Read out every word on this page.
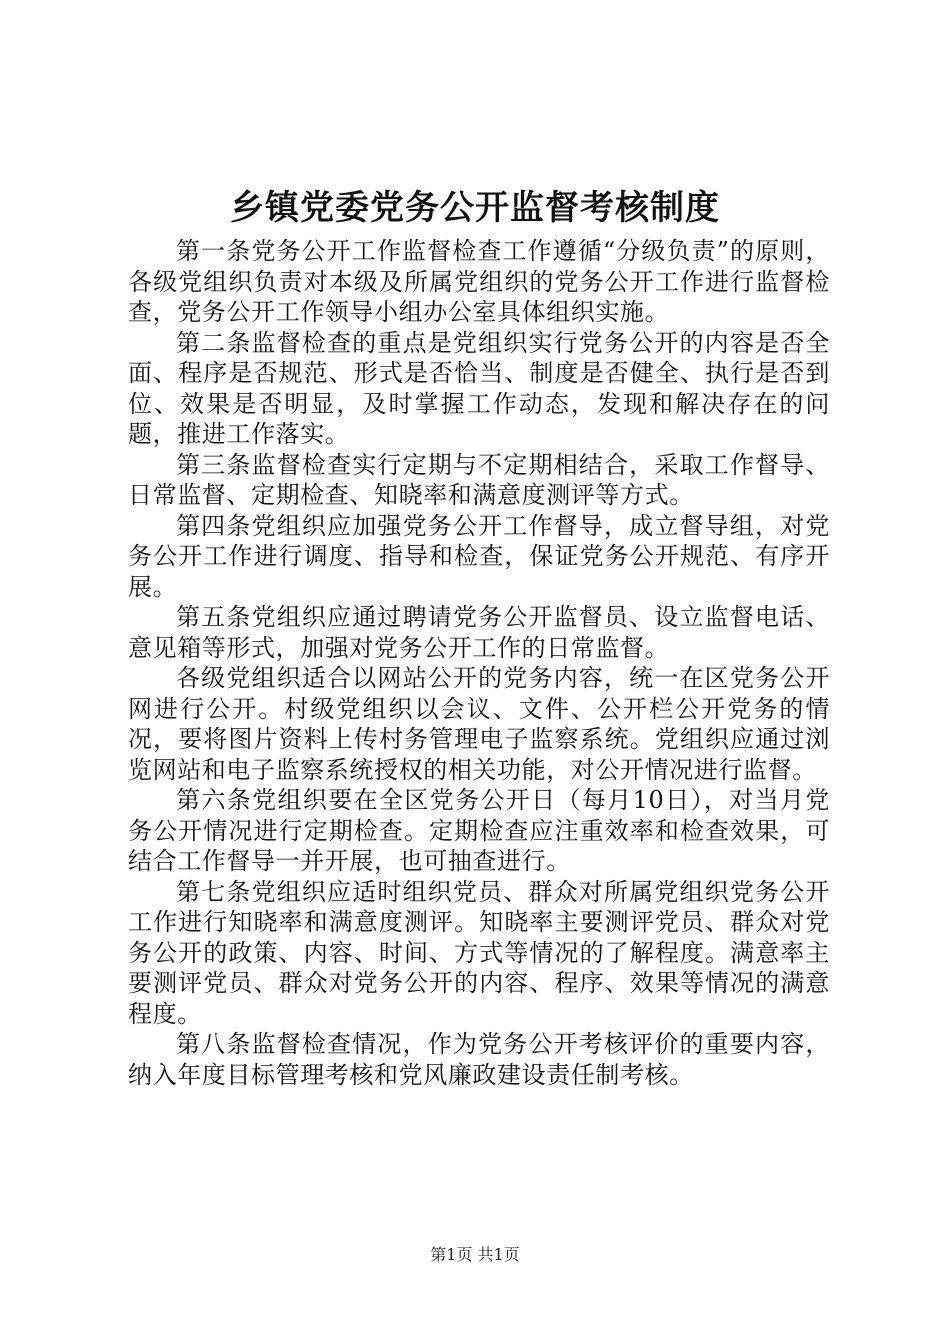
乡镇党委党务公开监督考核制度

第一条党务公开工作监督检查工作遵循“分级负责”的原则，各级党组织负责对本级及所属党组织的党务公开工作进行监督检查，党务公开工作领导小组办公室具体组织实施。

第二条监督检查的重点是党组织实行党务公开的内容是否全面、程序是否规范、形式是否恰当、制度是否健全、执行是否到位、效果是否明显，及时掌握工作动态，发现和解决存在的问题，推进工作落实。

第三条监督检查实行定期与不定期相结合，采取工作督导、日常监督、定期检查、知晓率和满意度测评等方式。

第四条党组织应加强党务公开工作督导，成立督导组，对党务公开工作进行调度、指导和检查，保证党务公开规范、有序开展。

第五条党组织应通过聘请党务公开监督员、设立监督电话、意见箱等形式，加强对党务公开工作的日常监督。

各级党组织适合以网站公开的党务内容，统一在区党务公开网进行公开。村级党组织以会议、文件、公开栏公开党务的情况，要将图片资料上传村务管理电子监察系统。党组织应通过浏览网站和电子监察系统授权的相关功能，对公开情况进行监督。

第六条党组织要在全区党务公开日（每月10日），对当月党务公开情况进行定期检查。定期检查应注重效率和检查效果，可结合工作督导一并开展，也可抽查进行。

第七条党组织应适时组织党员、群众对所属党组织党务公开工作进行知晓率和满意度测评。知晓率主要测评党员、群众对党务公开的政策、内容、时间、方式等情况的了解程度。满意率主要测评党员、群众对党务公开的内容、程序、效果等情况的满意程度。

第八条监督检查情况，作为党务公开考核评价的重要内容，纳入年度目标管理考核和党风廉政建设责任制考核。

第1页 共1页
